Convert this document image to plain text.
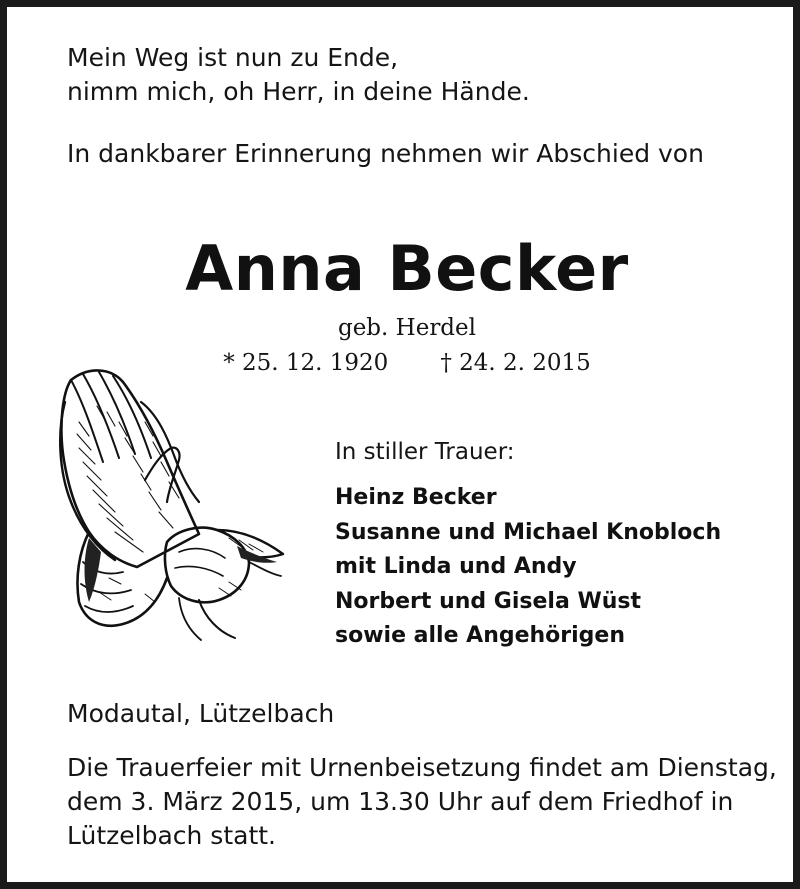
Mein Weg ist nun zu Ende,
nimm mich, oh Herr, in deine Hände.
In dankbarer Erinnerung nehmen wir Abschied von
Anna Becker
geb. Herdel
* 25. 12. 1920 † 24. 2. 2015
In stiller Trauer:
Heinz Becker
Susanne und Michael Knobloch
mit Linda und Andy
Norbert und Gisela Wüst
sowie alle Angehörigen
Modautal, Lützelbach
Die Trauerfeier mit Urnenbeisetzung findet am Dienstag,
dem 3. März 2015, um 13.30 Uhr auf dem Friedhof in
Lützelbach statt.
